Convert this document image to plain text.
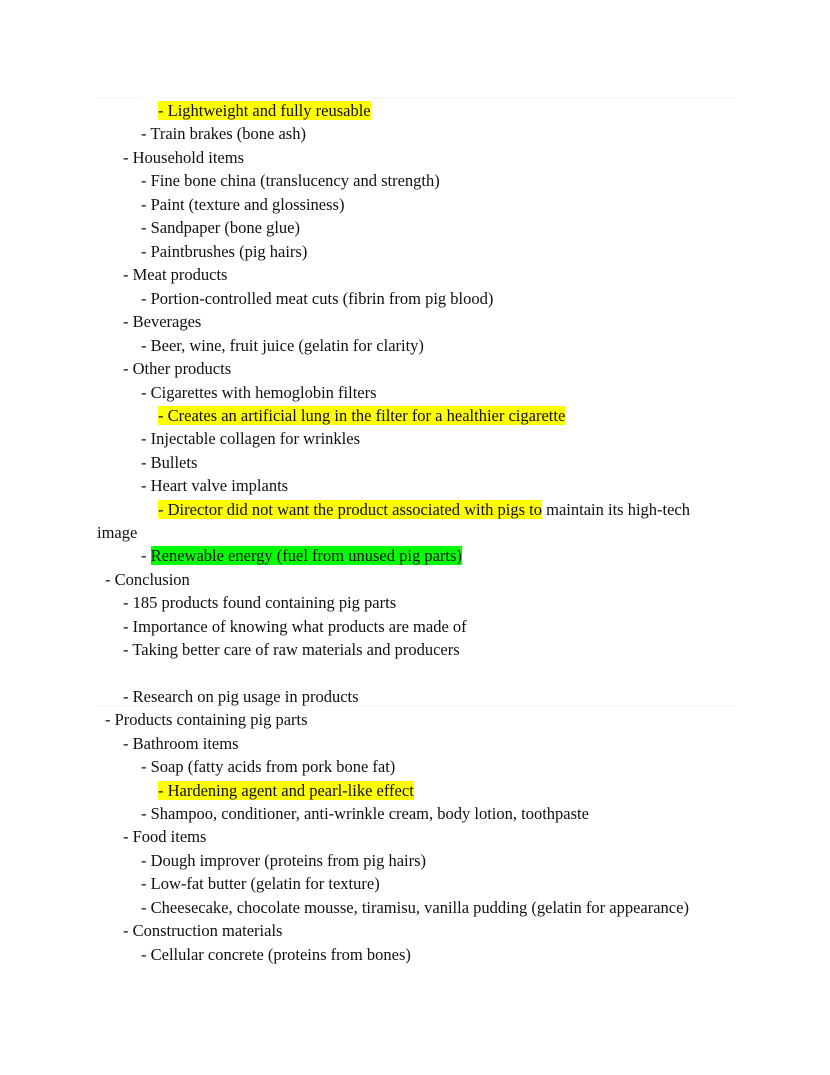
- Lightweight and fully reusable
- Train brakes (bone ash)
- Household items
- Fine bone china (translucency and strength)
- Paint (texture and glossiness)
- Sandpaper (bone glue)
- Paintbrushes (pig hairs)
- Meat products
- Portion-controlled meat cuts (fibrin from pig blood)
- Beverages
- Beer, wine, fruit juice (gelatin for clarity)
- Other products
- Cigarettes with hemoglobin filters
- Creates an artificial lung in the filter for a healthier cigarette
- Injectable collagen for wrinkles
- Bullets
- Heart valve implants
- Director did not want the product associated with pigs to maintain its high-tech
image
- Renewable energy (fuel from unused pig parts)
- Conclusion
- 185 products found containing pig parts
- Importance of knowing what products are made of
- Taking better care of raw materials and producers
- Research on pig usage in products
- Products containing pig parts
- Bathroom items
- Soap (fatty acids from pork bone fat)
- Hardening agent and pearl-like effect
- Shampoo, conditioner, anti-wrinkle cream, body lotion, toothpaste
- Food items
- Dough improver (proteins from pig hairs)
- Low-fat butter (gelatin for texture)
- Cheesecake, chocolate mousse, tiramisu, vanilla pudding (gelatin for appearance)
- Construction materials
- Cellular concrete (proteins from bones)
